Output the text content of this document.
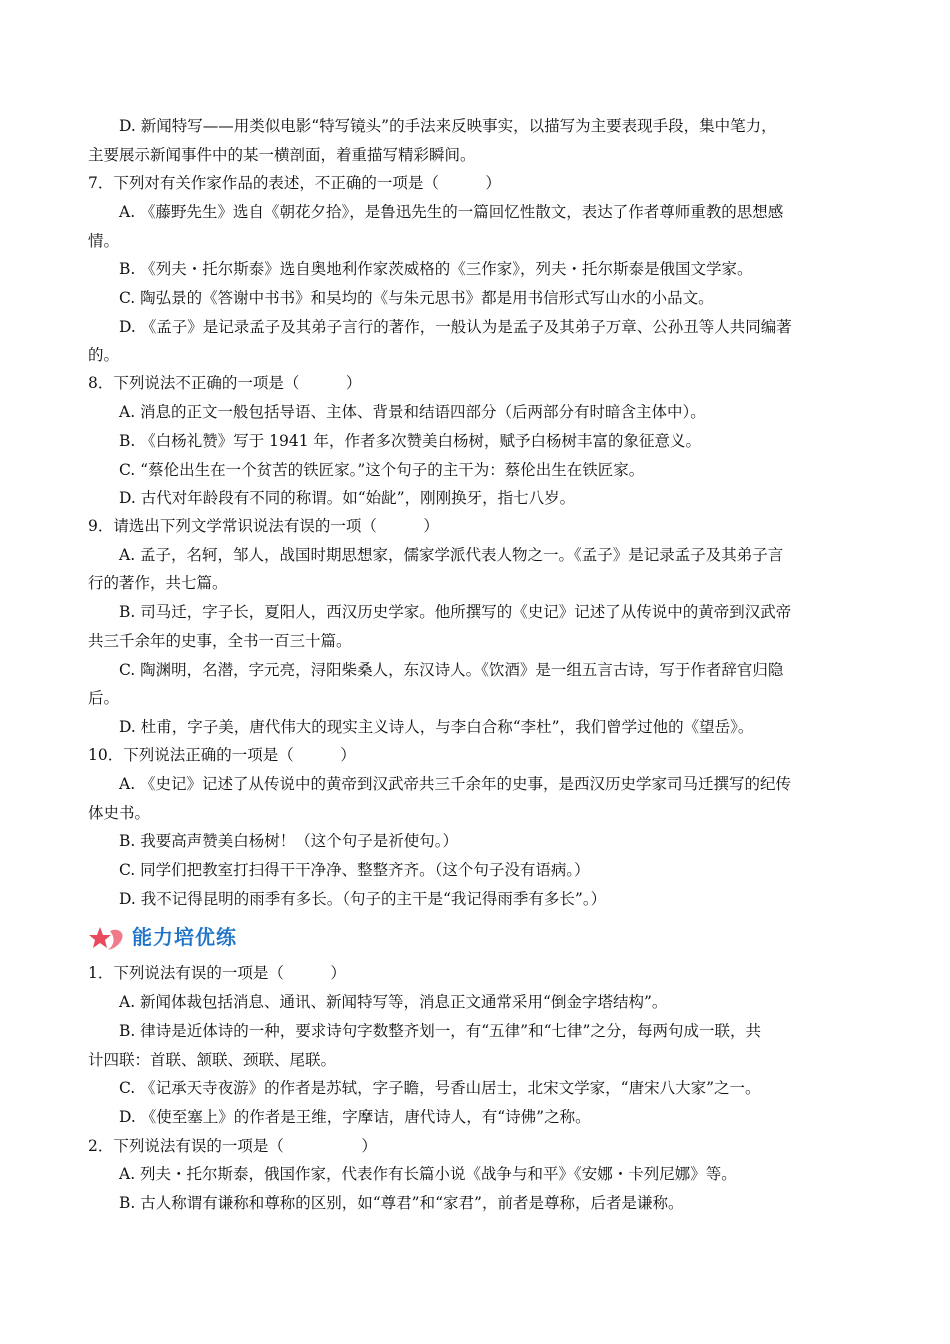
D. 新闻特写——用类似电影“特写镜头”的手法来反映事实，以描写为主要表现手段，集中笔力，
主要展示新闻事件中的某一横剖面，着重描写精彩瞬间。
7．下列对有关作家作品的表述，不正确的一项是（　　　）
A. 《藤野先生》选自《朝花夕拾》，是鲁迅先生的一篇回忆性散文，表达了作者尊师重教的思想感
情。
B. 《列夫・托尔斯泰》选自奥地利作家茨威格的《三作家》，列夫・托尔斯泰是俄国文学家。
C. 陶弘景的《答谢中书书》和吴均的《与朱元思书》都是用书信形式写山水的小品文。
D. 《孟子》是记录孟子及其弟子言行的著作，一般认为是孟子及其弟子万章、公孙丑等人共同编著
的。
8．下列说法不正确的一项是（　　　）
A. 消息的正文一般包括导语、主体、背景和结语四部分（后两部分有时暗含主体中）。
B. 《白杨礼赞》写于 1941 年，作者多次赞美白杨树，赋予白杨树丰富的象征意义。
C. “蔡伦出生在一个贫苦的铁匠家。”这个句子的主干为：蔡伦出生在铁匠家。
D. 古代对年龄段有不同的称谓。如“始龀”，刚刚换牙，指七八岁。
9．请选出下列文学常识说法有误的一项（　　　）
A. 孟子，名轲，邹人，战国时期思想家，儒家学派代表人物之一。《孟子》是记录孟子及其弟子言
行的著作，共七篇。
B. 司马迁，字子长，夏阳人，西汉历史学家。他所撰写的《史记》记述了从传说中的黄帝到汉武帝
共三千余年的史事，全书一百三十篇。
C. 陶渊明，名潜，字元亮，浔阳柴桑人，东汉诗人。《饮酒》是一组五言古诗，写于作者辞官归隐
后。
D. 杜甫，字子美，唐代伟大的现实主义诗人，与李白合称“李杜”，我们曾学过他的《望岳》。
10．下列说法正确的一项是（　　　）
A. 《史记》记述了从传说中的黄帝到汉武帝共三千余年的史事，是西汉历史学家司马迁撰写的纪传
体史书。
B. 我要高声赞美白杨树！（这个句子是祈使句。）
C. 同学们把教室打扫得干干净净、整整齐齐。（这个句子没有语病。）
D. 我不记得昆明的雨季有多长。（句子的主干是“我记得雨季有多长”。）
能力培优练
1．下列说法有误的一项是（　　　）
A. 新闻体裁包括消息、通讯、新闻特写等，消息正文通常采用“倒金字塔结构”。
B. 律诗是近体诗的一种，要求诗句字数整齐划一，有“五律”和“七律”之分，每两句成一联，共
计四联：首联、颔联、颈联、尾联。
C. 《记承天寺夜游》的作者是苏轼，字子瞻，号香山居士，北宋文学家，“唐宋八大家”之一。
D. 《使至塞上》的作者是王维，字摩诘，唐代诗人，有“诗佛”之称。
2．下列说法有误的一项是（　　　　　）
A. 列夫・托尔斯泰，俄国作家，代表作有长篇小说《战争与和平》《安娜・卡列尼娜》等。
B. 古人称谓有谦称和尊称的区别，如“尊君”和“家君”，前者是尊称，后者是谦称。
